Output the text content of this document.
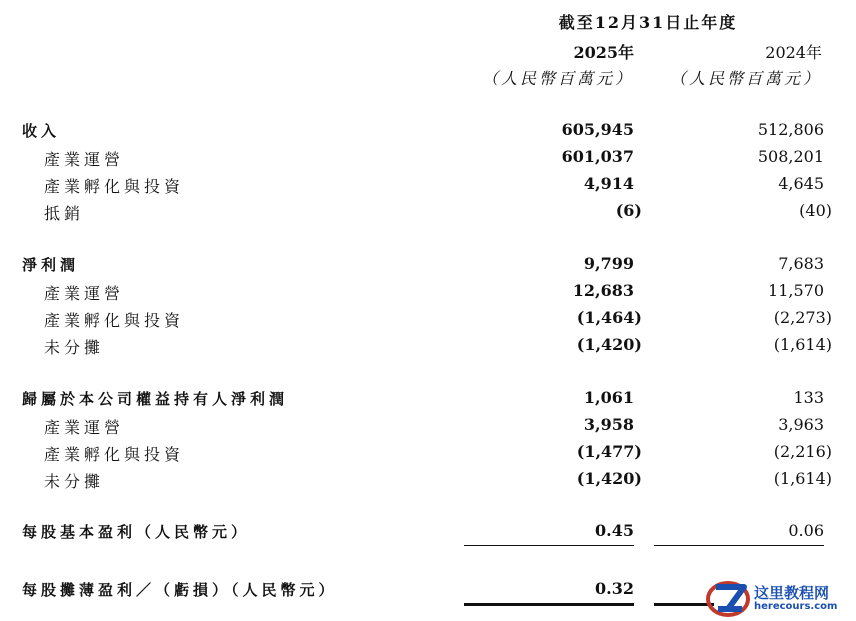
截至12月31日止年度
2025年	2024年
（人民幣百萬元） （人民幣百萬元）
收入	605,945	512,806
產業運營	601,037	508,201
產業孵化與投資	4,914	4,645
抵銷	(6)	(40)
淨利潤	9,799	7,683
產業運營	12,683	11,570
產業孵化與投資	(1,464)	(2,273)
未分攤	(1,420)	(1,614)
歸屬於本公司權益持有人淨利潤	1,061	133
產業運營	3,958	3,963
產業孵化與投資	(1,477)	(2,216)
未分攤	(1,420)	(1,614)
每股基本盈利（人民幣元）	0.45	0.06
每股攤薄盈利／（虧損）（人民幣元）	0.32	这里教程网
herecours.com
